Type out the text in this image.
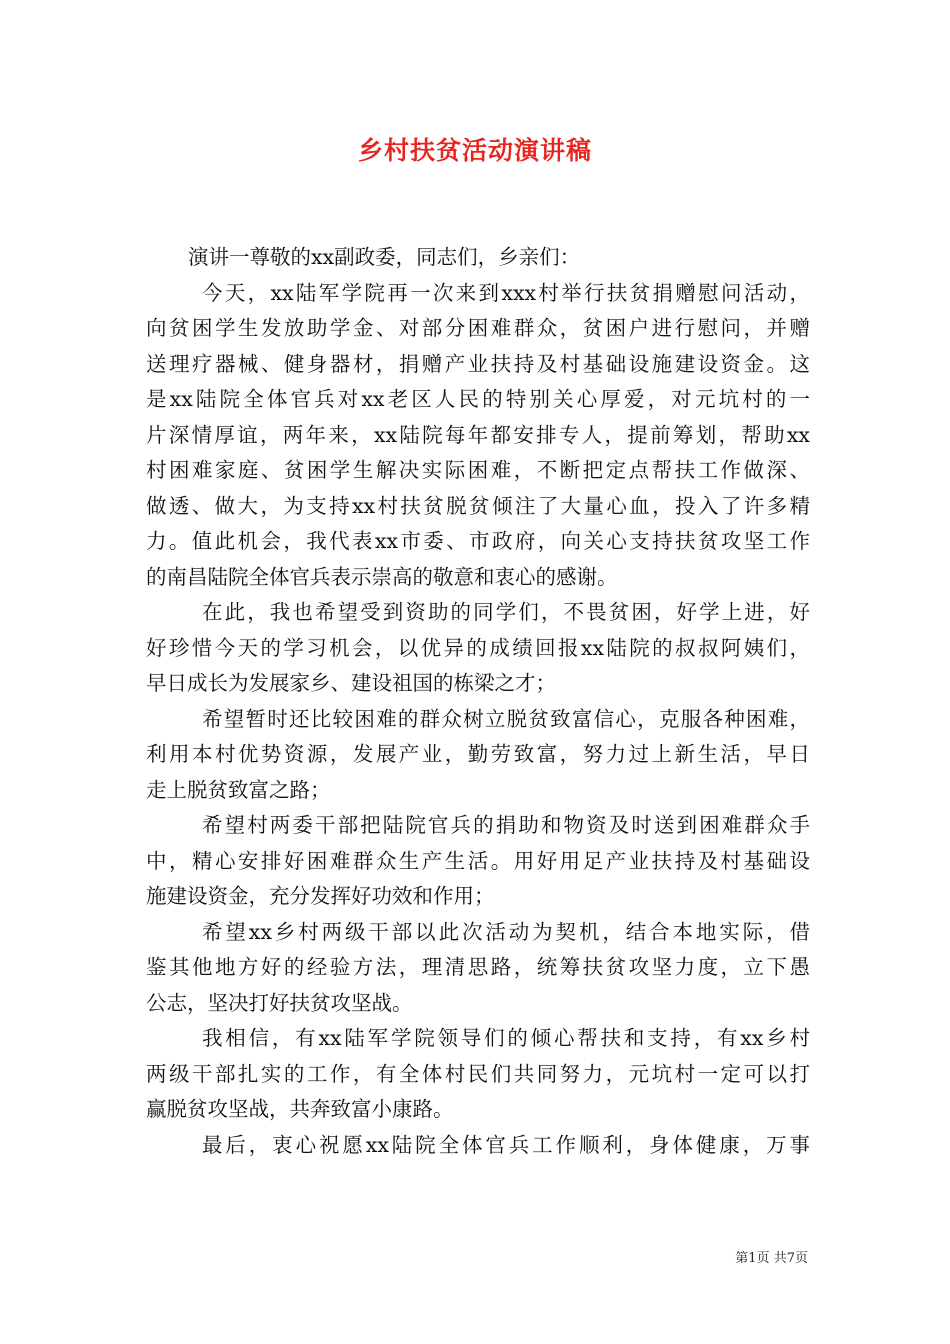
乡村扶贫活动演讲稿
演讲一尊敬的xx副政委，同志们，乡亲们：
今天，xx陆军学院再一次来到xxx村举行扶贫捐赠慰问活动，
向贫困学生发放助学金、对部分困难群众，贫困户进行慰问，并赠
送理疗器械、健身器材，捐赠产业扶持及村基础设施建设资金。这
是xx陆院全体官兵对xx老区人民的特别关心厚爱，对元坑村的一
片深情厚谊，两年来，xx陆院每年都安排专人，提前筹划，帮助xx
村困难家庭、贫困学生解决实际困难，不断把定点帮扶工作做深、
做透、做大，为支持xx村扶贫脱贫倾注了大量心血，投入了许多精
力。值此机会，我代表xx市委、市政府，向关心支持扶贫攻坚工作
的南昌陆院全体官兵表示崇高的敬意和衷心的感谢。
在此，我也希望受到资助的同学们，不畏贫困，好学上进，好
好珍惜今天的学习机会，以优异的成绩回报xx陆院的叔叔阿姨们，
早日成长为发展家乡、建设祖国的栋梁之才；
希望暂时还比较困难的群众树立脱贫致富信心，克服各种困难，
利用本村优势资源，发展产业，勤劳致富，努力过上新生活，早日
走上脱贫致富之路；
希望村两委干部把陆院官兵的捐助和物资及时送到困难群众手
中，精心安排好困难群众生产生活。用好用足产业扶持及村基础设
施建设资金，充分发挥好功效和作用；
希望xx乡村两级干部以此次活动为契机，结合本地实际，借
鉴其他地方好的经验方法，理清思路，统筹扶贫攻坚力度，立下愚
公志，坚决打好扶贫攻坚战。
我相信，有xx陆军学院领导们的倾心帮扶和支持，有xx乡村
两级干部扎实的工作，有全体村民们共同努力，元坑村一定可以打
赢脱贫攻坚战，共奔致富小康路。
最后，衷心祝愿xx陆院全体官兵工作顺利，身体健康，万事
第1页 共7页
